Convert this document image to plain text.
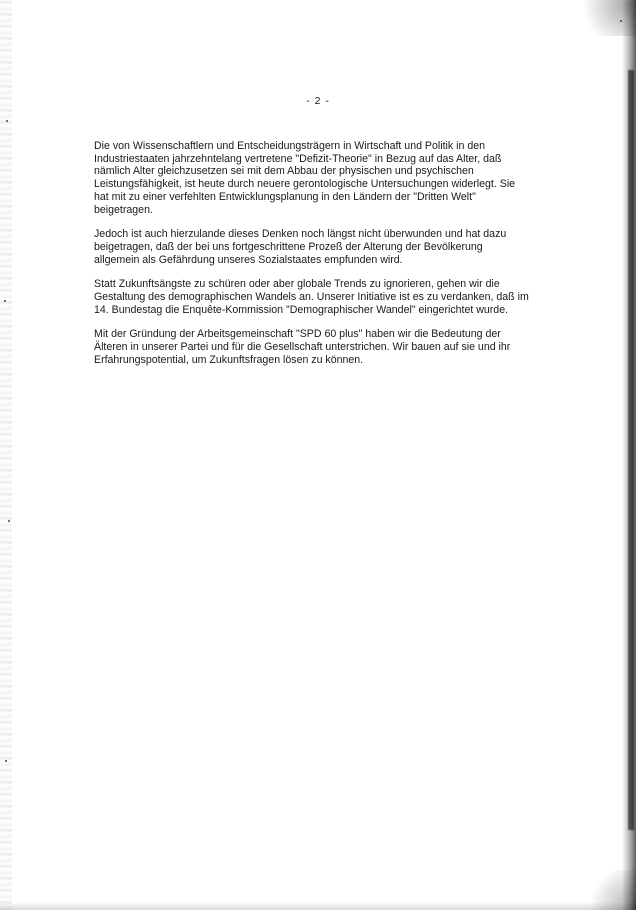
- 2 -

Die von Wissenschaftlern und Entscheidungsträgern in Wirtschaft und Politik in den Industriestaaten jahrzehntelang vertretene "Defizit-Theorie" in Bezug auf das Alter, daß nämlich Alter gleichzusetzen sei mit dem Abbau der physischen und psychischen Leistungsfähigkeit, ist heute durch neuere gerontologische Untersuchungen widerlegt. Sie hat mit zu einer verfehlten Entwicklungsplanung in den Ländern der "Dritten Welt" beigetragen.

Jedoch ist auch hierzulande dieses Denken noch längst nicht überwunden und hat dazu beigetragen, daß der bei uns fortgeschrittene Prozeß der Alterung der Bevölkerung allgemein als Gefährdung unseres Sozialstaates empfunden wird.

Statt Zukunftsängste zu schüren oder aber globale Trends zu ignorieren, gehen wir die Gestaltung des demographischen Wandels an. Unserer Initiative ist es zu verdanken, daß im 14. Bundestag die Enquête-Kommission "Demographischer Wandel" eingerichtet wurde.

Mit der Gründung der Arbeitsgemeinschaft "SPD 60 plus" haben wir die Bedeutung der Älteren in unserer Partei und für die Gesellschaft unterstrichen. Wir bauen auf sie und ihr Erfahrungspotential, um Zukunftsfragen lösen zu können.
